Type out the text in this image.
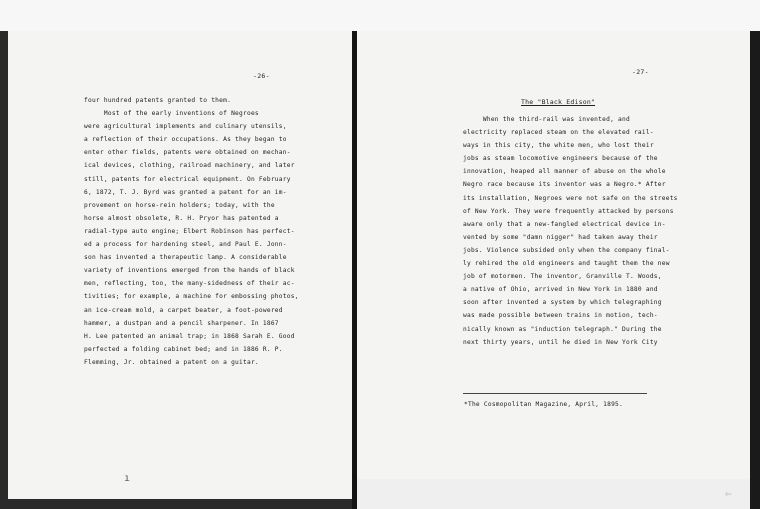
-26-
four hundred patents granted to them.
Most of the early inventions of Negroes
were agricultural implements and culinary utensils,
a reflection of their occupations. As they began to
enter other fields, patents were obtained on mechan-
ical devices, clothing, railroad machinery, and later
still, patents for electrical equipment. On February
6, 1872, T. J. Byrd was granted a patent for an im-
provement on horse-rein holders; today, with the
horse almost obsolete, R. H. Pryor has patented a
radial-type auto engine; Elbert Robinson has perfect-
ed a process for hardening steel, and Paul E. Jonn-
son has invented a therapeutic lamp. A considerable
variety of inventions emerged from the hands of black
men, reflecting, too, the many-sidedness of their ac-
tivities; for example, a machine for embossing photos,
an ice-cream mold, a carpet beater, a foot-powered
hammer, a dustpan and a pencil sharpener. In 1867
H. Lee patented an animal trap; in 1868 Sarah E. Good
perfected a folding cabinet bed; and in 1886 R. P.
Flemming, Jr. obtained a patent on a guitar.
ı
-27-
The "Black Edison"
When the third-rail was invented, and
electricity replaced steam on the elevated rail-
ways in this city, the white men, who lost their
jobs as steam locomotive engineers because of the
innovation, heaped all manner of abuse on the whole
Negro race because its inventor was a Negro.* After
its installation, Negroes were not safe on the streets
of New York. They were frequently attacked by persons
aware only that a new-fangled electrical device in-
vented by some "damn nigger" had taken away their
jobs. Violence subsided only when the company final-
ly rehired the old engineers and taught them the new
job of motormen. The inventor, Granville T. Woods,
a native of Ohio, arrived in New York in 1880 and
soon after invented a system by which telegraphing
was made possible between trains in motion, tech-
nically known as "induction telegraph." During the
next thirty years, until he died in New York City
*The Cosmopolitan Magazine, April, 1895.
⇐
